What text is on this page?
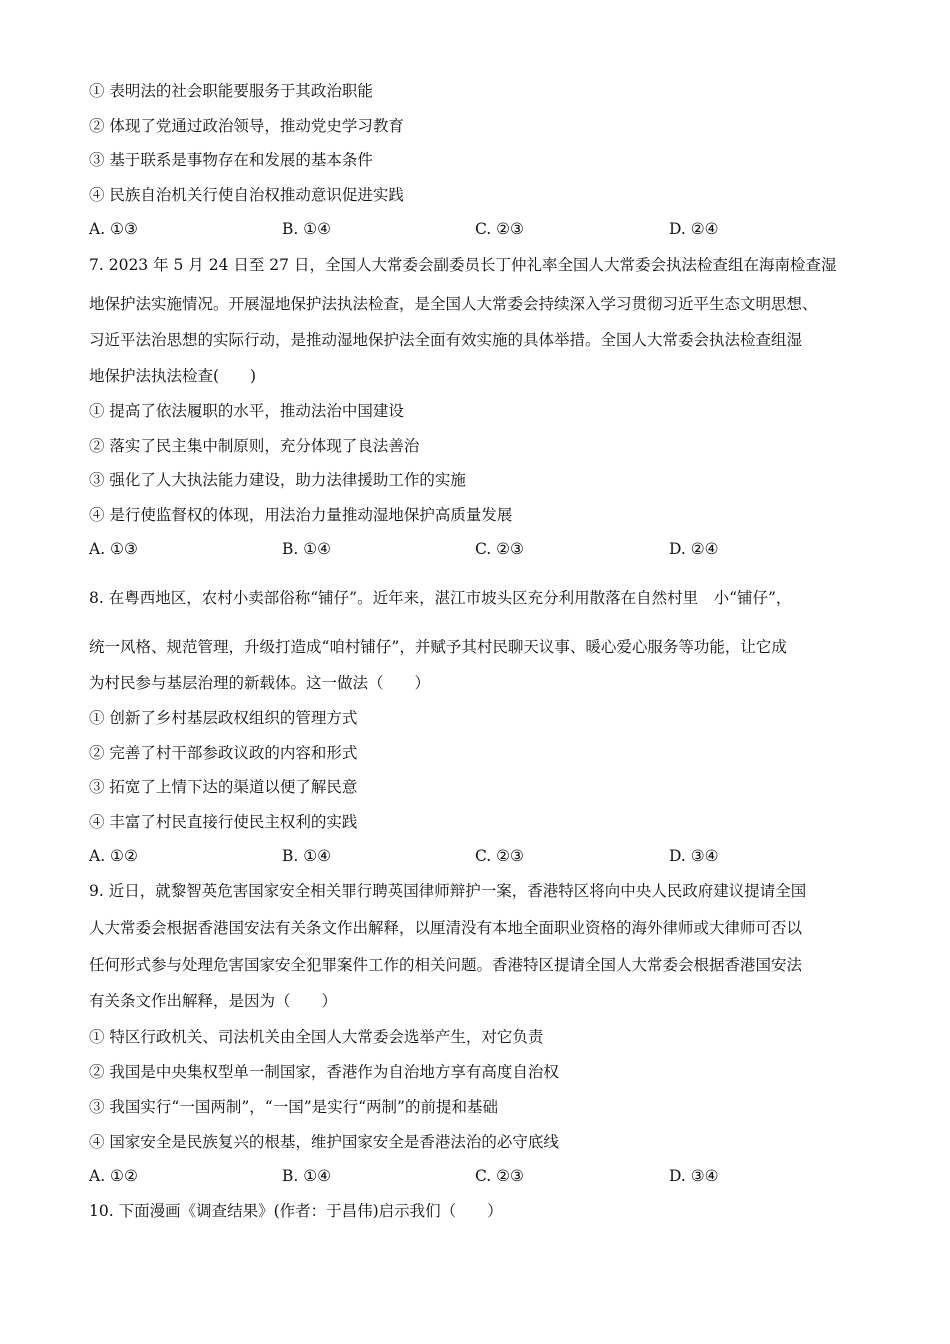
① 表明法的社会职能要服务于其政治职能
② 体现了党通过政治领导，推动党史学习教育
③ 基于联系是事物存在和发展的基本条件
④ 民族自治机关行使自治权推动意识促进实践
A. ①③	B. ①④	C. ②③	D. ②④
7. 2023 年 5 月 24 日至 27 日，全国人大常委会副委员长丁仲礼率全国人大常委会执法检查组在海南检查湿
地保护法实施情况。开展湿地保护法执法检查，是全国人大常委会持续深入学习贯彻习近平生态文明思想、
习近平法治思想的实际行动，是推动湿地保护法全面有效实施的具体举措。全国人大常委会执法检查组湿
地保护法执法检查(　　)
① 提高了依法履职的水平，推动法治中国建设
② 落实了民主集中制原则，充分体现了良法善治
③ 强化了人大执法能力建设，助力法律援助工作的实施
④ 是行使监督权的体现，用法治力量推动湿地保护高质量发展
A. ①③	B. ①④	C. ②③	D. ②④
8. 在粤西地区，农村小卖部俗称“铺仔”。近年来，湛江市坡头区充分利用散落在自然村里　小“铺仔”，
统一风格、规范管理，升级打造成“咱村铺仔”，并赋予其村民聊天议事、暖心爱心服务等功能，让它成
为村民参与基层治理的新载体。这一做法（　　）
① 创新了乡村基层政权组织的管理方式
② 完善了村干部参政议政的内容和形式
③ 拓宽了上情下达的渠道以便了解民意
④ 丰富了村民直接行使民主权利的实践
A. ①②	B. ①④	C. ②③	D. ③④
9. 近日，就黎智英危害国家安全相关罪行聘英国律师辩护一案，香港特区将向中央人民政府建议提请全国
人大常委会根据香港国安法有关条文作出解释，以厘清没有本地全面职业资格的海外律师或大律师可否以
任何形式参与处理危害国家安全犯罪案件工作的相关问题。香港特区提请全国人大常委会根据香港国安法
有关条文作出解释，是因为（　　）
① 特区行政机关、司法机关由全国人大常委会选举产生，对它负责
② 我国是中央集权型单一制国家，香港作为自治地方享有高度自治权
③ 我国实行“一国两制”，“一国”是实行“两制”的前提和基础
④ 国家安全是民族复兴的根基，维护国家安全是香港法治的必守底线
A. ①②	B. ①④	C. ②③	D. ③④
10. 下面漫画《调查结果》(作者：于昌伟)启示我们（　　）
